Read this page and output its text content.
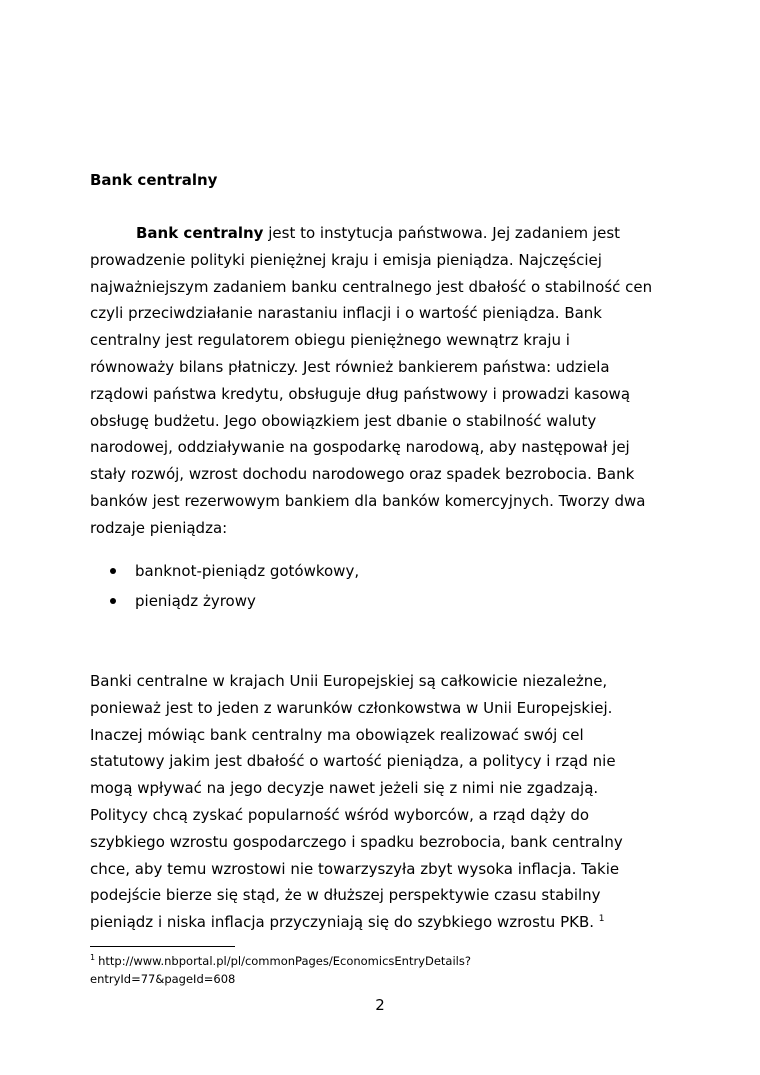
Bank centralny
Bank centralny jest to instytucja państwowa. Jej zadaniem jest
prowadzenie polityki pieniężnej kraju i emisja pieniądza. Najczęściej
najważniejszym zadaniem banku centralnego jest dbałość o stabilność cen
czyli przeciwdziałanie narastaniu inflacji i o wartość pieniądza. Bank
centralny jest regulatorem obiegu pieniężnego wewnątrz kraju i
równoważy bilans płatniczy. Jest również bankierem państwa: udziela
rządowi państwa kredytu, obsługuje dług państwowy i prowadzi kasową
obsługę budżetu. Jego obowiązkiem jest dbanie o stabilność waluty
narodowej, oddziaływanie na gospodarkę narodową, aby następował jej
stały rozwój, wzrost dochodu narodowego oraz spadek bezrobocia. Bank
banków jest rezerwowym bankiem dla banków komercyjnych. Tworzy dwa
rodzaje pieniądza:
banknot-pieniądz gotówkowy,
pieniądz żyrowy
Banki centralne w krajach Unii Europejskiej są całkowicie niezależne,
ponieważ jest to jeden z warunków członkowstwa w Unii Europejskiej.
Inaczej mówiąc bank centralny ma obowiązek realizować swój cel
statutowy jakim jest dbałość o wartość pieniądza, a politycy i rząd nie
mogą wpływać na jego decyzje nawet jeżeli się z nimi nie zgadzają.
Politycy chcą zyskać popularność wśród wyborców, a rząd dąży do
szybkiego wzrostu gospodarczego i spadku bezrobocia, bank centralny
chce, aby temu wzrostowi nie towarzyszyła zbyt wysoka inflacja. Takie
podejście bierze się stąd, że w dłuższej perspektywie czasu stabilny
pieniądz i niska inflacja przyczyniają się do szybkiego wzrostu PKB. $^1$
$^1$ http://www.nbportal.pl/pl/commonPages/EconomicsEntryDetails?
entryId=77&pageId=608
2
